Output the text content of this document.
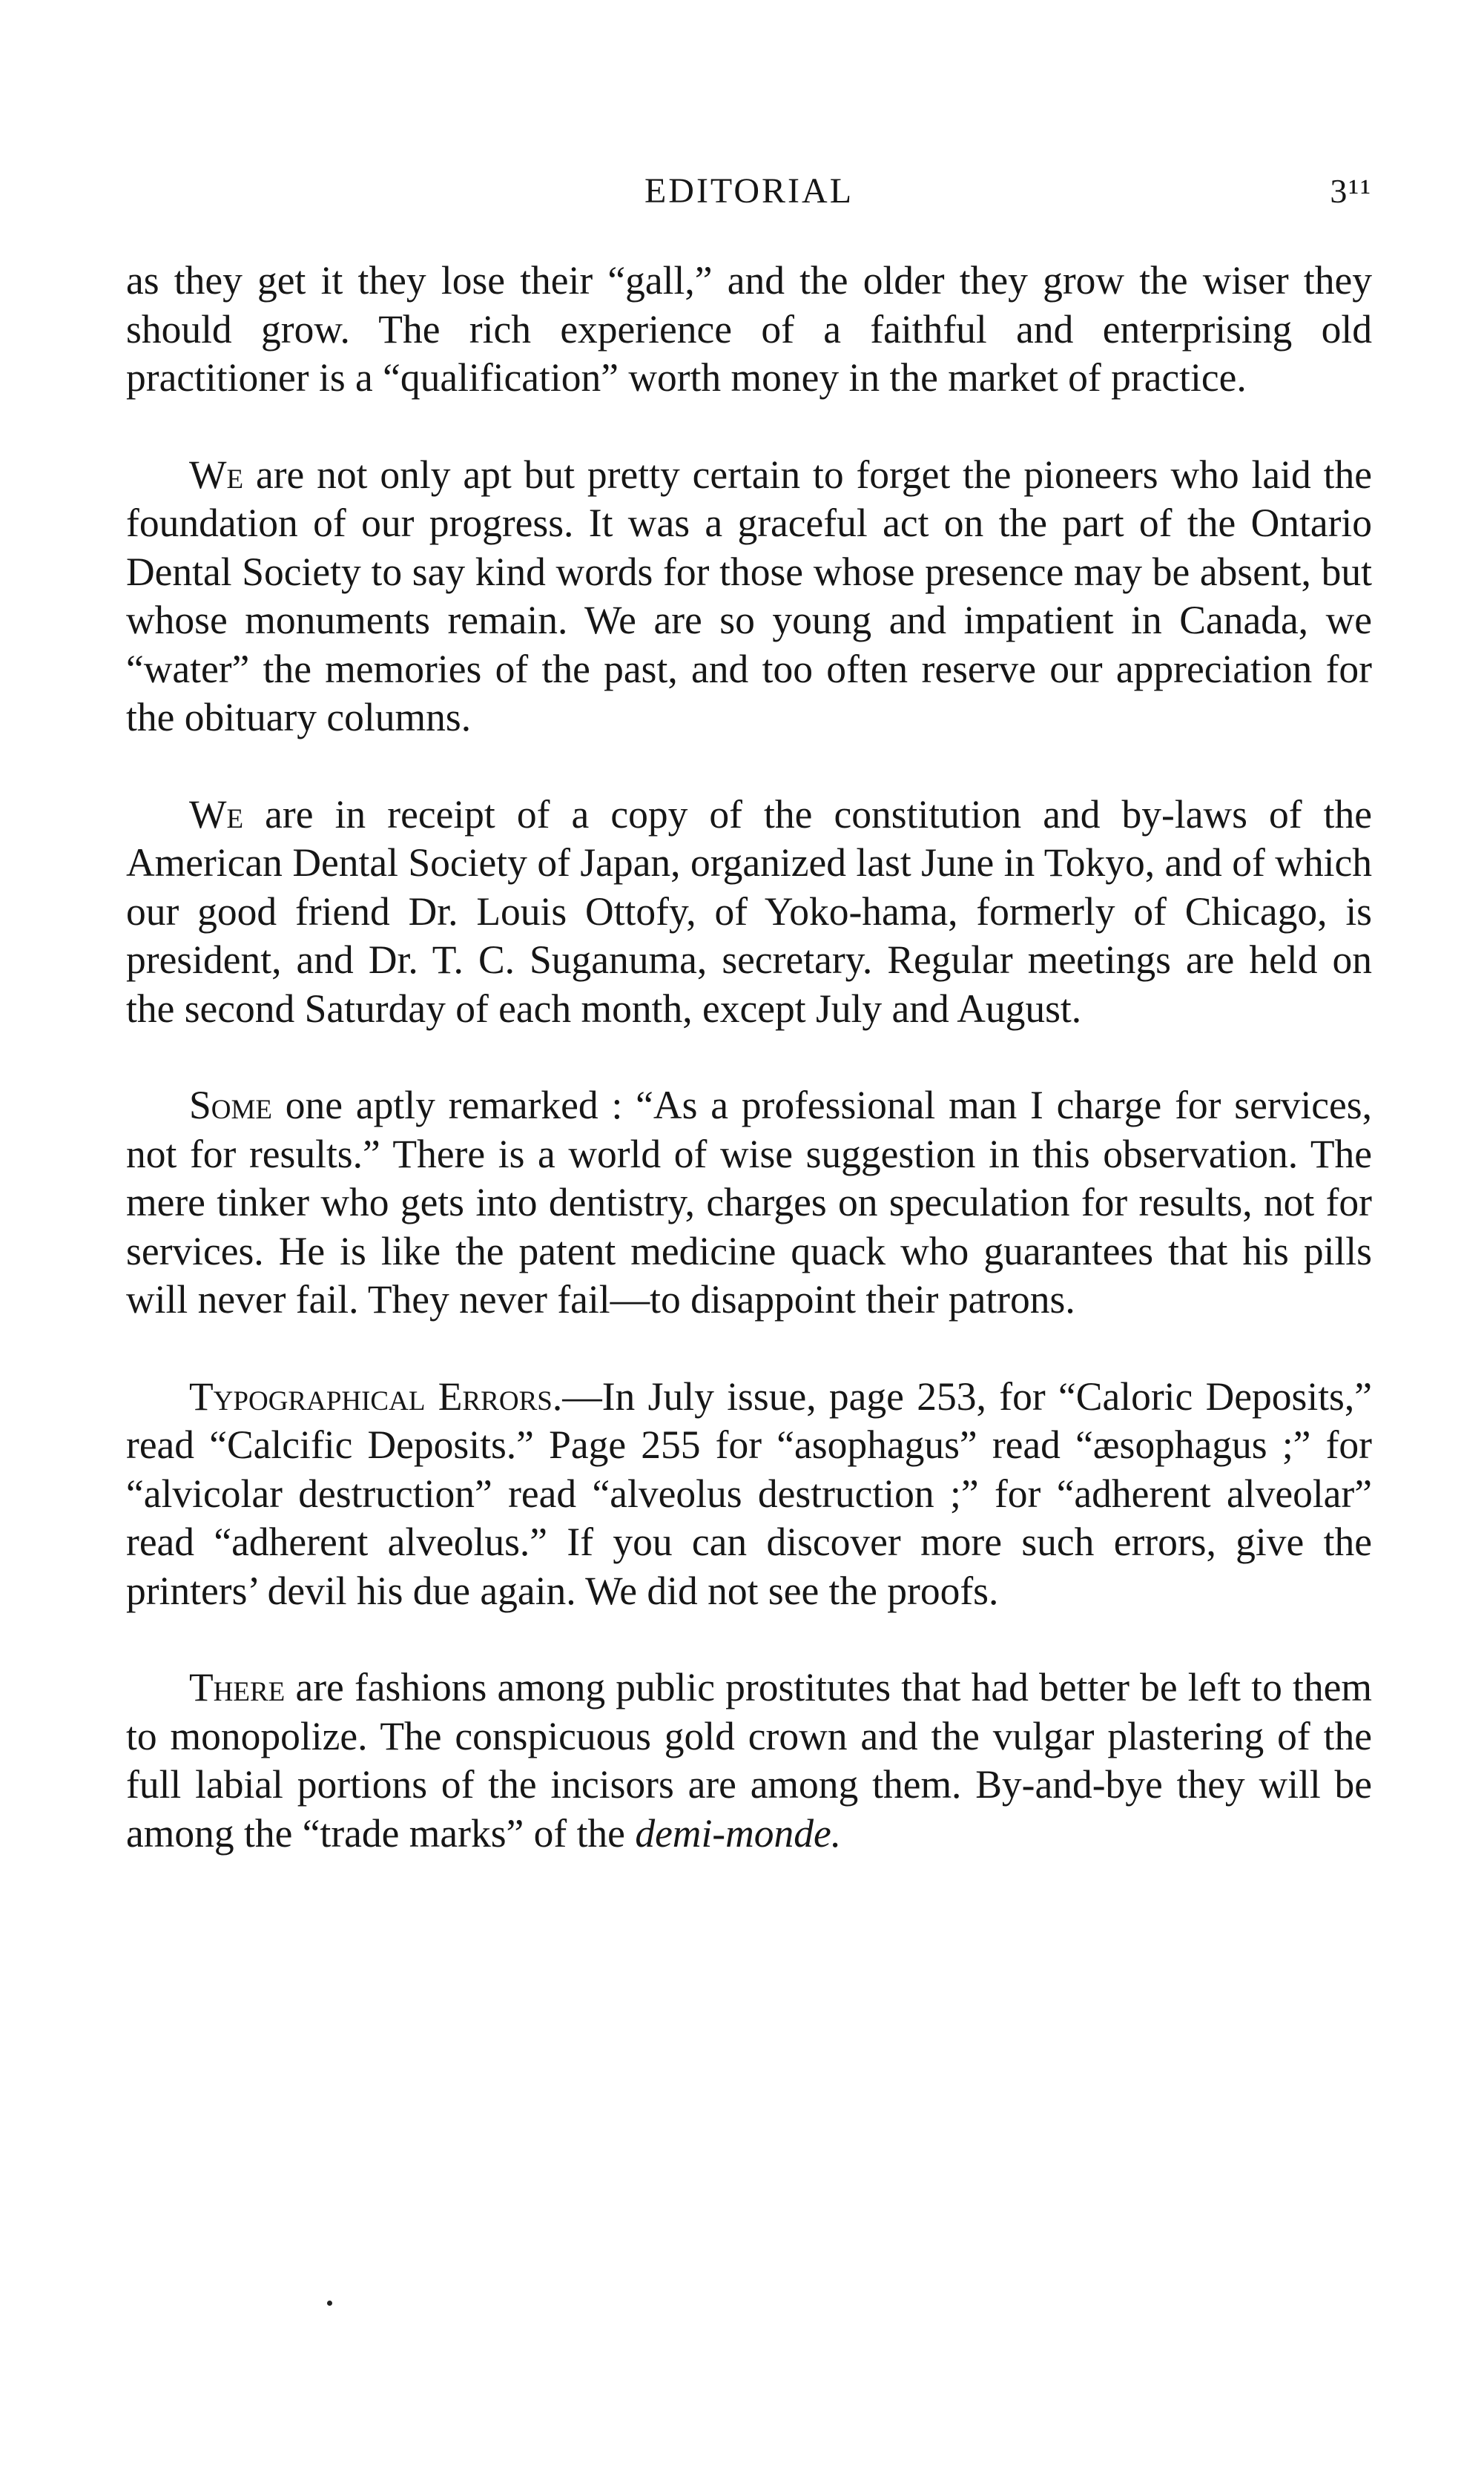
EDITORIAL	3¹¹

as they get it they lose their “gall,” and the older they grow the wiser they should grow. The rich experience of a faithful and enterprising old practitioner is a “qualification” worth money in the market of practice.

We are not only apt but pretty certain to forget the pioneers who laid the foundation of our progress. It was a graceful act on the part of the Ontario Dental Society to say kind words for those whose presence may be absent, but whose monuments remain. We are so young and impatient in Canada, we “water” the memories of the past, and too often reserve our appreciation for the obituary columns.

We are in receipt of a copy of the constitution and by-laws of the American Dental Society of Japan, organized last June in Tokyo, and of which our good friend Dr. Louis Ottofy, of Yoko-hama, formerly of Chicago, is president, and Dr. T. C. Suganuma, secretary. Regular meetings are held on the second Saturday of each month, except July and August.

Some one aptly remarked : “As a professional man I charge for services, not for results.” There is a world of wise suggestion in this observation. The mere tinker who gets into dentistry, charges on speculation for results, not for services. He is like the patent medicine quack who guarantees that his pills will never fail. They never fail—to disappoint their patrons.

Typographical Errors.—In July issue, page 253, for “Caloric Deposits,” read “Calcific Deposits.” Page 255 for “asophagus” read “æsophagus ;” for “alvicolar destruction” read “alveolus destruction ;” for “adherent alveolar” read “adherent alveolus.” If you can discover more such errors, give the printers’ devil his due again. We did not see the proofs.

There are fashions among public prostitutes that had better be left to them to monopolize. The conspicuous gold crown and the vulgar plastering of the full labial portions of the incisors are among them. By-and-bye they will be among the “trade marks” of the demi-monde.
